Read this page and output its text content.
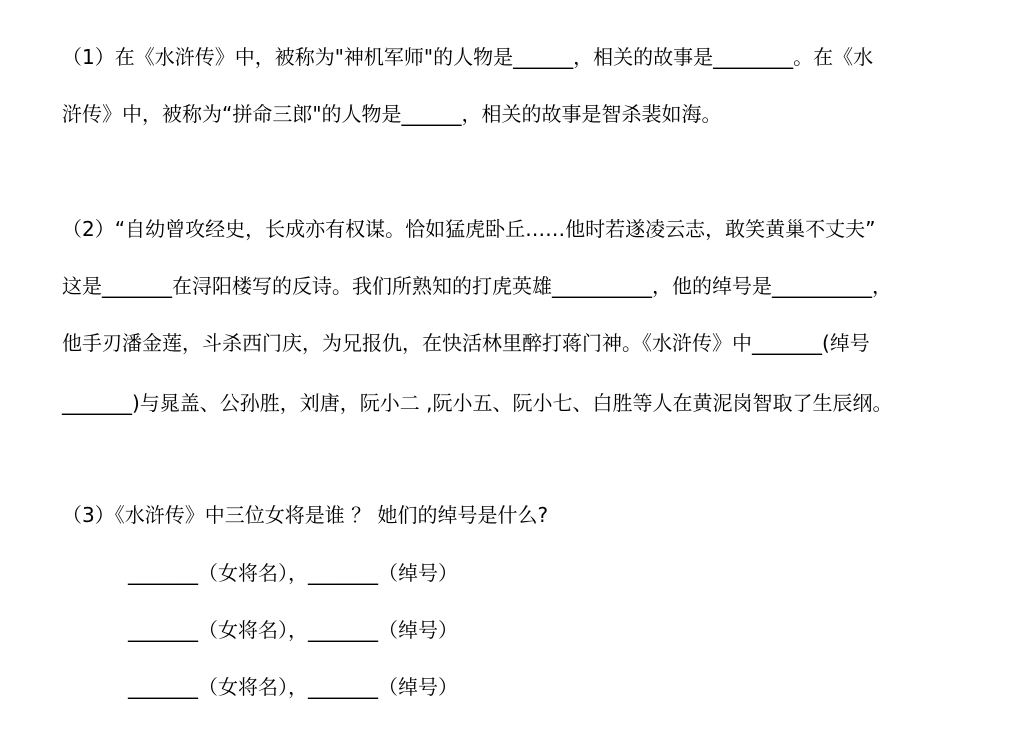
（1）在《水浒传》中，被称为"神机军师"的人物是______，相关的故事是________。在《水
浒传》中，被称为“拼命三郎"的人物是______，相关的故事是智杀裴如海。
（2）“自幼曾攻经史，长成亦有权谋。恰如猛虎卧丘……他时若遂凌云志，敢笑黄巢不丈夫”
这是_______在浔阳楼写的反诗。我们所熟知的打虎英雄__________，他的绰号是__________，
他手刃潘金莲，斗杀西门庆，为兄报仇，在快活林里醉打蒋门神。《水浒传》中_______(绰号
_______)与晁盖、公孙胜，刘唐，阮小二 ,阮小五、阮小七、白胜等人在黄泥岗智取了生辰纲。
（3）《水浒传》中三位女将是谁 ？ 她们的绰号是什么?
_______（女将名），_______（绰号）
_______（女将名），_______（绰号）
_______（女将名），_______（绰号）
